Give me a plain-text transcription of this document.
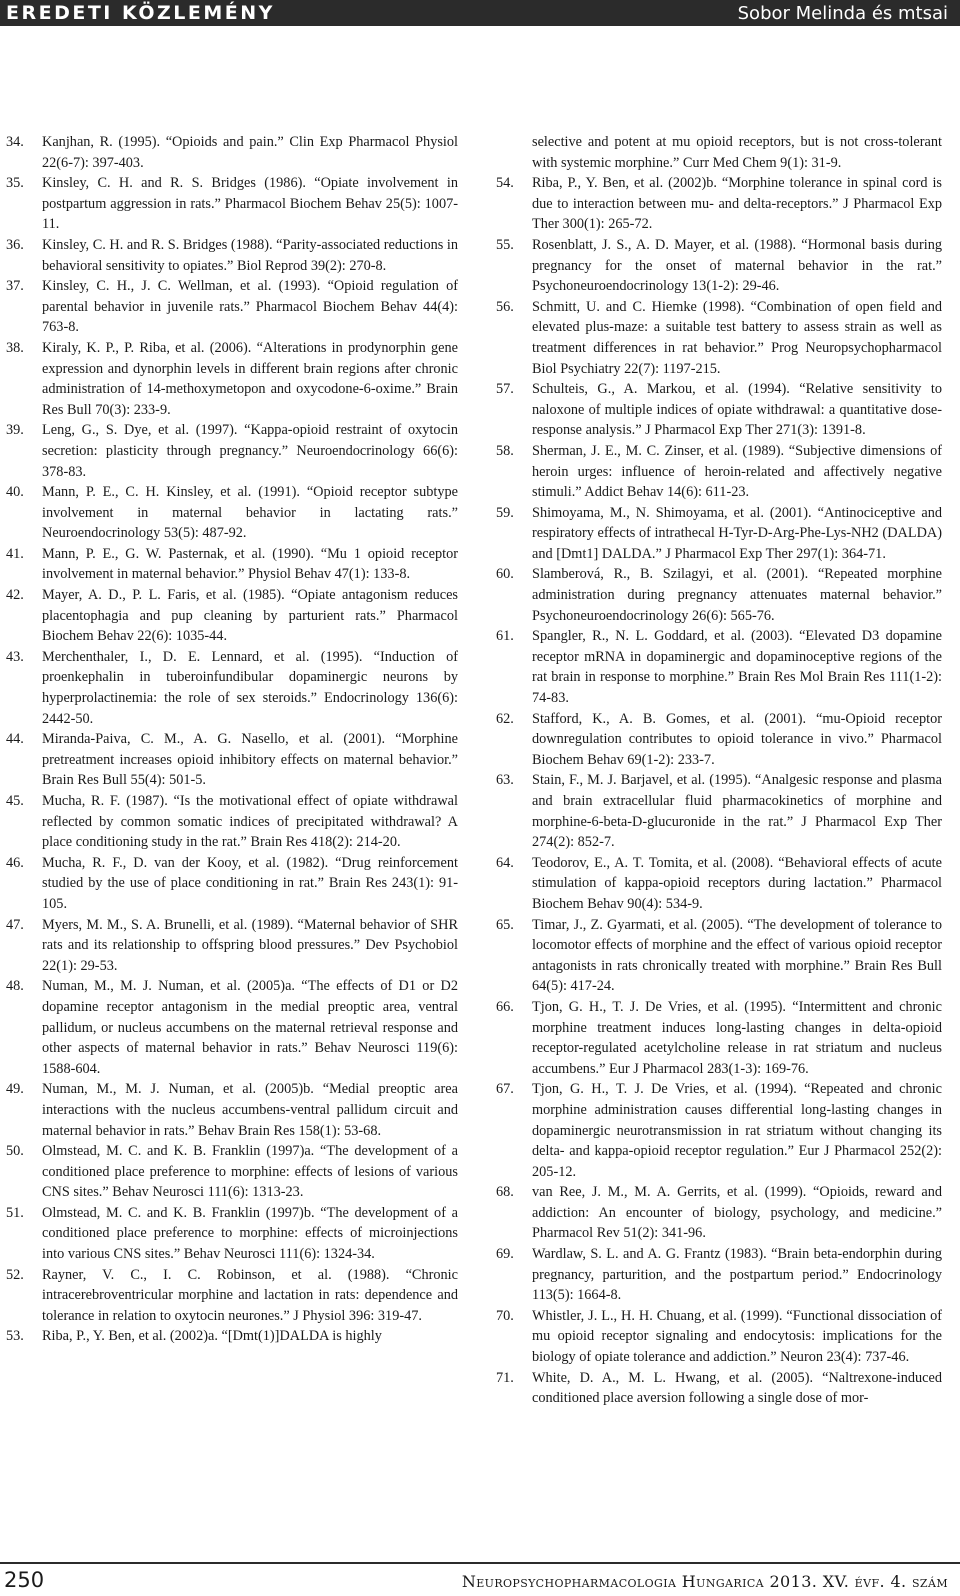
EREDETI KÖZLEMÉNY	Sobor Melinda és mtsai
34. Kanjhan, R. (1995). “Opioids and pain.” Clin Exp Pharmacol Physiol 22(6-7): 397-403.
35. Kinsley, C. H. and R. S. Bridges (1986). “Opiate involvement in postpartum aggression in rats.” Pharmacol Biochem Behav 25(5): 1007-11.
36. Kinsley, C. H. and R. S. Bridges (1988). “Parity-associated reductions in behavioral sensitivity to opiates.” Biol Reprod 39(2): 270-8.
37. Kinsley, C. H., J. C. Wellman, et al. (1993). “Opioid regulation of parental behavior in juvenile rats.” Pharmacol Biochem Behav 44(4): 763-8.
38. Kiraly, K. P., P. Riba, et al. (2006). “Alterations in prodynorphin gene expression and dynorphin levels in different brain regions after chronic administration of 14-methoxymetopon and oxycodone-6-oxime.” Brain Res Bull 70(3): 233-9.
39. Leng, G., S. Dye, et al. (1997). “Kappa-opioid restraint of oxytocin secretion: plasticity through pregnancy.” Neuroendocrinology 66(6): 378-83.
40. Mann, P. E., C. H. Kinsley, et al. (1991). “Opioid receptor subtype involvement in maternal behavior in lactating rats.” Neuroendocrinology 53(5): 487-92.
41. Mann, P. E., G. W. Pasternak, et al. (1990). “Mu 1 opioid receptor involvement in maternal behavior.” Physiol Behav 47(1): 133-8.
42. Mayer, A. D., P. L. Faris, et al. (1985). “Opiate antagonism reduces placentophagia and pup cleaning by parturient rats.” Pharmacol Biochem Behav 22(6): 1035-44.
43. Merchenthaler, I., D. E. Lennard, et al. (1995). “Induction of proenkephalin in tuberoinfundibular dopaminergic neurons by hyperprolactinemia: the role of sex steroids.” Endocrinology 136(6): 2442-50.
44. Miranda-Paiva, C. M., A. G. Nasello, et al. (2001). “Morphine pretreatment increases opioid inhibitory effects on maternal behavior.” Brain Res Bull 55(4): 501-5.
45. Mucha, R. F. (1987). “Is the motivational effect of opiate withdrawal reflected by common somatic indices of precipitated withdrawal? A place conditioning study in the rat.” Brain Res 418(2): 214-20.
46. Mucha, R. F., D. van der Kooy, et al. (1982). “Drug reinforcement studied by the use of place conditioning in rat.” Brain Res 243(1): 91-105.
47. Myers, M. M., S. A. Brunelli, et al. (1989). “Maternal behavior of SHR rats and its relationship to offspring blood pressures.” Dev Psychobiol 22(1): 29-53.
48. Numan, M., M. J. Numan, et al. (2005)a. “The effects of D1 or D2 dopamine receptor antagonism in the medial preoptic area, ventral pallidum, or nucleus accumbens on the maternal retrieval response and other aspects of maternal behavior in rats.” Behav Neurosci 119(6): 1588-604.
49. Numan, M., M. J. Numan, et al. (2005)b. “Medial preoptic area interactions with the nucleus accumbens-ventral pallidum circuit and maternal behavior in rats.” Behav Brain Res 158(1): 53-68.
50. Olmstead, M. C. and K. B. Franklin (1997)a. “The development of a conditioned place preference to morphine: effects of lesions of various CNS sites.” Behav Neurosci 111(6): 1313-23.
51. Olmstead, M. C. and K. B. Franklin (1997)b. “The development of a conditioned place preference to morphine: effects of microinjections into various CNS sites.” Behav Neurosci 111(6): 1324-34.
52. Rayner, V. C., I. C. Robinson, et al. (1988). “Chronic intracerebroventricular morphine and lactation in rats: dependence and tolerance in relation to oxytocin neurones.” J Physiol 396: 319-47.
53. Riba, P., Y. Ben, et al. (2002)a. “[Dmt(1)]DALDA is highly
selective and potent at mu opioid receptors, but is not cross-tolerant with systemic morphine.” Curr Med Chem 9(1): 31-9.
54. Riba, P., Y. Ben, et al. (2002)b. “Morphine tolerance in spinal cord is due to interaction between mu- and delta-receptors.” J Pharmacol Exp Ther 300(1): 265-72.
55. Rosenblatt, J. S., A. D. Mayer, et al. (1988). “Hormonal basis during pregnancy for the onset of maternal behavior in the rat.” Psychoneuroendocrinology 13(1-2): 29-46.
56. Schmitt, U. and C. Hiemke (1998). “Combination of open field and elevated plus-maze: a suitable test battery to assess strain as well as treatment differences in rat behavior.” Prog Neuropsychopharmacol Biol Psychiatry 22(7): 1197-215.
57. Schulteis, G., A. Markou, et al. (1994). “Relative sensitivity to naloxone of multiple indices of opiate withdrawal: a quantitative dose-response analysis.” J Pharmacol Exp Ther 271(3): 1391-8.
58. Sherman, J. E., M. C. Zinser, et al. (1989). “Subjective dimensions of heroin urges: influence of heroin-related and affectively negative stimuli.” Addict Behav 14(6): 611-23.
59. Shimoyama, M., N. Shimoyama, et al. (2001). “Antinociceptive and respiratory effects of intrathecal H-Tyr-D-Arg-Phe-Lys-NH2 (DALDA) and [Dmt1] DALDA.” J Pharmacol Exp Ther 297(1): 364-71.
60. Slamberová, R., B. Szilagyi, et al. (2001). “Repeated morphine administration during pregnancy attenuates maternal behavior.” Psychoneuroendocrinology 26(6): 565-76.
61. Spangler, R., N. L. Goddard, et al. (2003). “Elevated D3 dopamine receptor mRNA in dopaminergic and dopaminoceptive regions of the rat brain in response to morphine.” Brain Res Mol Brain Res 111(1-2): 74-83.
62. Stafford, K., A. B. Gomes, et al. (2001). “mu-Opioid receptor downregulation contributes to opioid tolerance in vivo.” Pharmacol Biochem Behav 69(1-2): 233-7.
63. Stain, F., M. J. Barjavel, et al. (1995). “Analgesic response and plasma and brain extracellular fluid pharmacokinetics of morphine and morphine-6-beta-D-glucuronide in the rat.” J Pharmacol Exp Ther 274(2): 852-7.
64. Teodorov, E., A. T. Tomita, et al. (2008). “Behavioral effects of acute stimulation of kappa-opioid receptors during lactation.” Pharmacol Biochem Behav 90(4): 534-9.
65. Timar, J., Z. Gyarmati, et al. (2005). “The development of tolerance to locomotor effects of morphine and the effect of various opioid receptor antagonists in rats chronically treated with morphine.” Brain Res Bull 64(5): 417-24.
66. Tjon, G. H., T. J. De Vries, et al. (1995). “Intermittent and chronic morphine treatment induces long-lasting changes in delta-opioid receptor-regulated acetylcholine release in rat striatum and nucleus accumbens.” Eur J Pharmacol 283(1-3): 169-76.
67. Tjon, G. H., T. J. De Vries, et al. (1994). “Repeated and chronic morphine administration causes differential long-lasting changes in dopaminergic neurotransmission in rat striatum without changing its delta- and kappa-opioid receptor regulation.” Eur J Pharmacol 252(2): 205-12.
68. van Ree, J. M., M. A. Gerrits, et al. (1999). “Opioids, reward and addiction: An encounter of biology, psychology, and medicine.” Pharmacol Rev 51(2): 341-96.
69. Wardlaw, S. L. and A. G. Frantz (1983). “Brain beta-endorphin during pregnancy, parturition, and the postpartum period.” Endocrinology 113(5): 1664-8.
70. Whistler, J. L., H. H. Chuang, et al. (1999). “Functional dissociation of mu opioid receptor signaling and endocytosis: implications for the biology of opiate tolerance and addiction.” Neuron 23(4): 737-46.
71. White, D. A., M. L. Hwang, et al. (2005). “Naltrexone-induced conditioned place aversion following a single dose of mor-
250	Neuropsychopharmacologia Hungarica 2013. XV. évf. 4. szám
